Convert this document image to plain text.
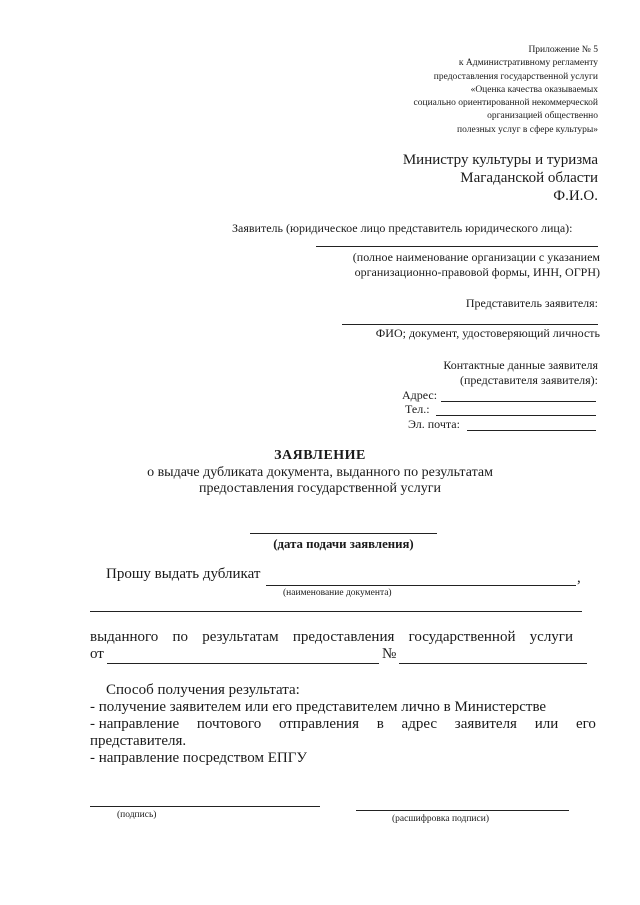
Приложение № 5
к Административному регламенту
предоставления государственной услуги
«Оценка качества оказываемых
социально ориентированной некоммерческой
организацией общественно
полезных услуг в сфере культуры»
Министру культуры и туризма
Магаданской области
Ф.И.О.
Заявитель (юридическое лицо представитель юридического лица):
(полное наименование организации с указанием
организационно-правовой формы, ИНН, ОГРН)
Представитель заявителя:
ФИО; документ, удостоверяющий личность
Контактные данные заявителя
(представителя заявителя):
Адрес:
Тел.:
Эл. почта:
ЗАЯВЛЕНИЕ
о выдаче дубликата документа, выданного по результатам
предоставления государственной услуги
(дата подачи заявления)
Прошу выдать дубликат	,
(наименование документа)
выданного по результатам предоставления государственной услуги
от	№
Способ получения результата:
- получение заявителем или его представителем лично в Министерстве
- направление почтового отправления в адрес заявителя или его
представителя.
- направление посредством ЕПГУ
(подпись)	(расшифровка подписи)
